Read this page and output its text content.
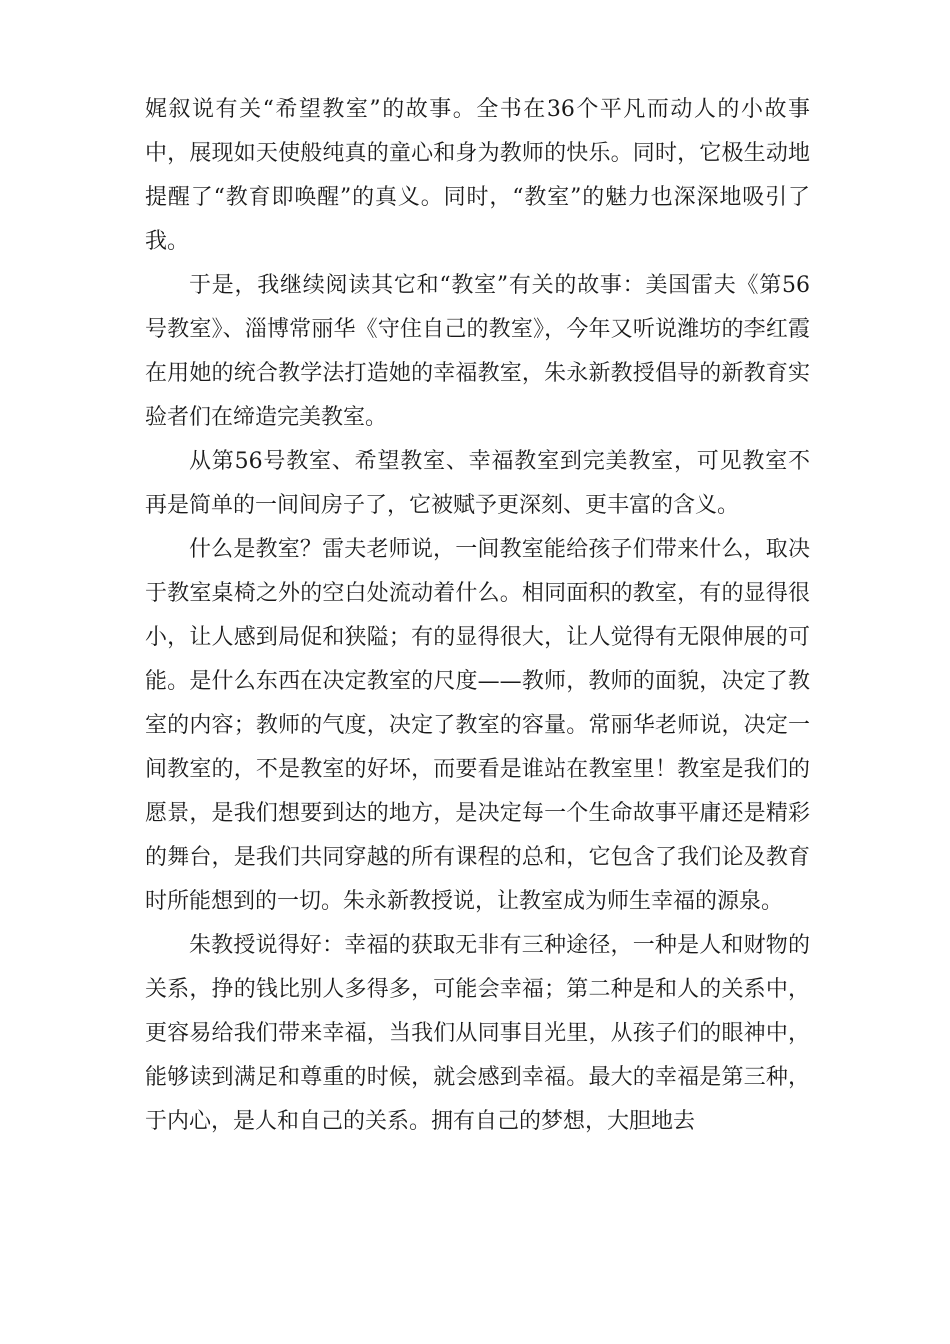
娓叙说有关“希望教室”的故事。全书在36个平凡而动人的小故事中，展现如天使般纯真的童心和身为教师的快乐。同时，它极生动地提醒了“教育即唤醒”的真义。同时，“教室”的魅力也深深地吸引了我。

于是，我继续阅读其它和“教室”有关的故事：美国雷夫《第56号教室》、淄博常丽华《守住自己的教室》，今年又听说潍坊的李红霞在用她的统合教学法打造她的幸福教室，朱永新教授倡导的新教育实验者们在缔造完美教室。

从第56号教室、希望教室、幸福教室到完美教室，可见教室不再是简单的一间间房子了，它被赋予更深刻、更丰富的含义。

什么是教室？雷夫老师说，一间教室能给孩子们带来什么，取决于教室桌椅之外的空白处流动着什么。相同面积的教室，有的显得很小，让人感到局促和狭隘；有的显得很大，让人觉得有无限伸展的可能。是什么东西在决定教室的尺度——教师，教师的面貌，决定了教室的内容；教师的气度，决定了教室的容量。常丽华老师说，决定一间教室的，不是教室的好坏，而要看是谁站在教室里！教室是我们的愿景，是我们想要到达的地方，是决定每一个生命故事平庸还是精彩的舞台，是我们共同穿越的所有课程的总和，它包含了我们论及教育时所能想到的一切。朱永新教授说，让教室成为师生幸福的源泉。

朱教授说得好：幸福的获取无非有三种途径，一种是人和财物的关系，挣的钱比别人多得多，可能会幸福；第二种是和人的关系中，更容易给我们带来幸福，当我们从同事目光里，从孩子们的眼神中，能够读到满足和尊重的时候，就会感到幸福。最大的幸福是第三种，于内心，是人和自己的关系。拥有自己的梦想，大胆地去
